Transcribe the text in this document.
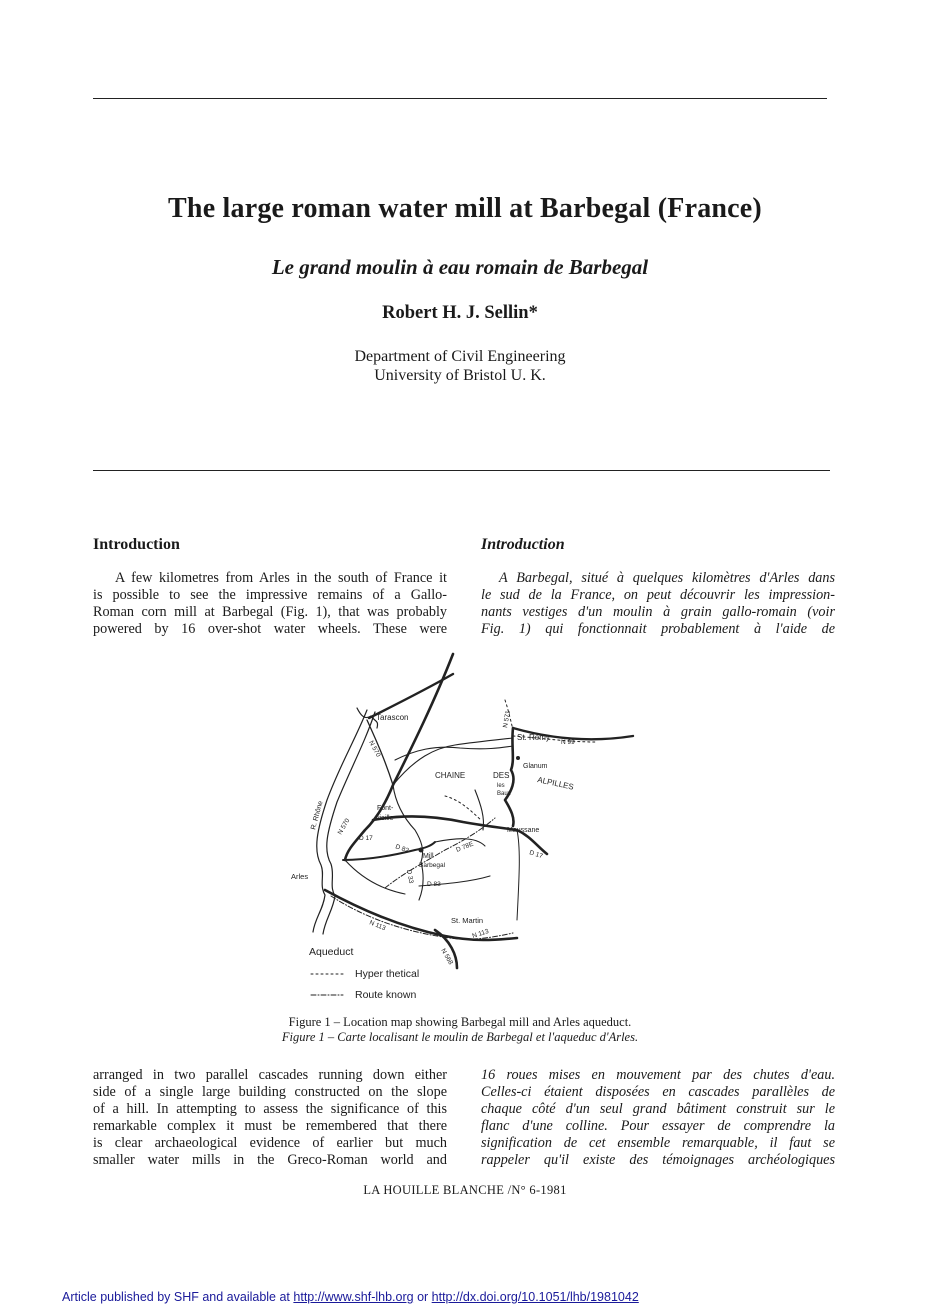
The large roman water mill at Barbegal (France)
Le grand moulin à eau romain de Barbegal
Robert H. J. Sellin*
Department of Civil Engineering
University of Bristol U. K.
Introduction	Introduction
A few kilometres from Arles in the south of France it
is possible to see the impressive remains of a Gallo-
Roman corn mill at Barbegal (Fig. 1), that was probably
powered by 16 over-shot water wheels. These were
A Barbegal, situé à quelques kilomètres d'Arles dans
le sud de la France, on peut découvrir les impression-
nants vestiges d'un moulin à grain gallo-romain (voir
Fig. 1) qui fonctionnait probablement à l'aide de
Tarascon
St. Remy
Glanum
CHAINE	DES
les
Baux
ALPILLES
Font-
vieille
Maussane
Mill
Barbegal
Arles
St. Martin
R. Rhône
N 571
N 99
N 570
N 570
D 17
D 82	D 78E
D 17
D 33
D 83
N 113
N 113
N 568
Aqueduct
Hyper thetical
Route known
Figure 1 – Location map showing Barbegal mill and Arles aqueduct.
Figure 1 – Carte localisant le moulin de Barbegal et l'aqueduc d'Arles.
arranged in two parallel cascades running down either
side of a single large building constructed on the slope
of a hill. In attempting to assess the significance of this
remarkable complex it must be remembered that there
is clear archaeological evidence of earlier but much
smaller water mills in the Greco-Roman world and
16 roues mises en mouvement par des chutes d'eau.
Celles-ci étaient disposées en cascades parallèles de
chaque côté d'un seul grand bâtiment construit sur le
flanc d'une colline. Pour essayer de comprendre la
signification de cet ensemble remarquable, il faut se
rappeler qu'il existe des témoignages archéologiques
LA HOUILLE BLANCHE /N° 6-1981
Article published by SHF and available at http://www.shf-lhb.org or http://dx.doi.org/10.1051/lhb/1981042
